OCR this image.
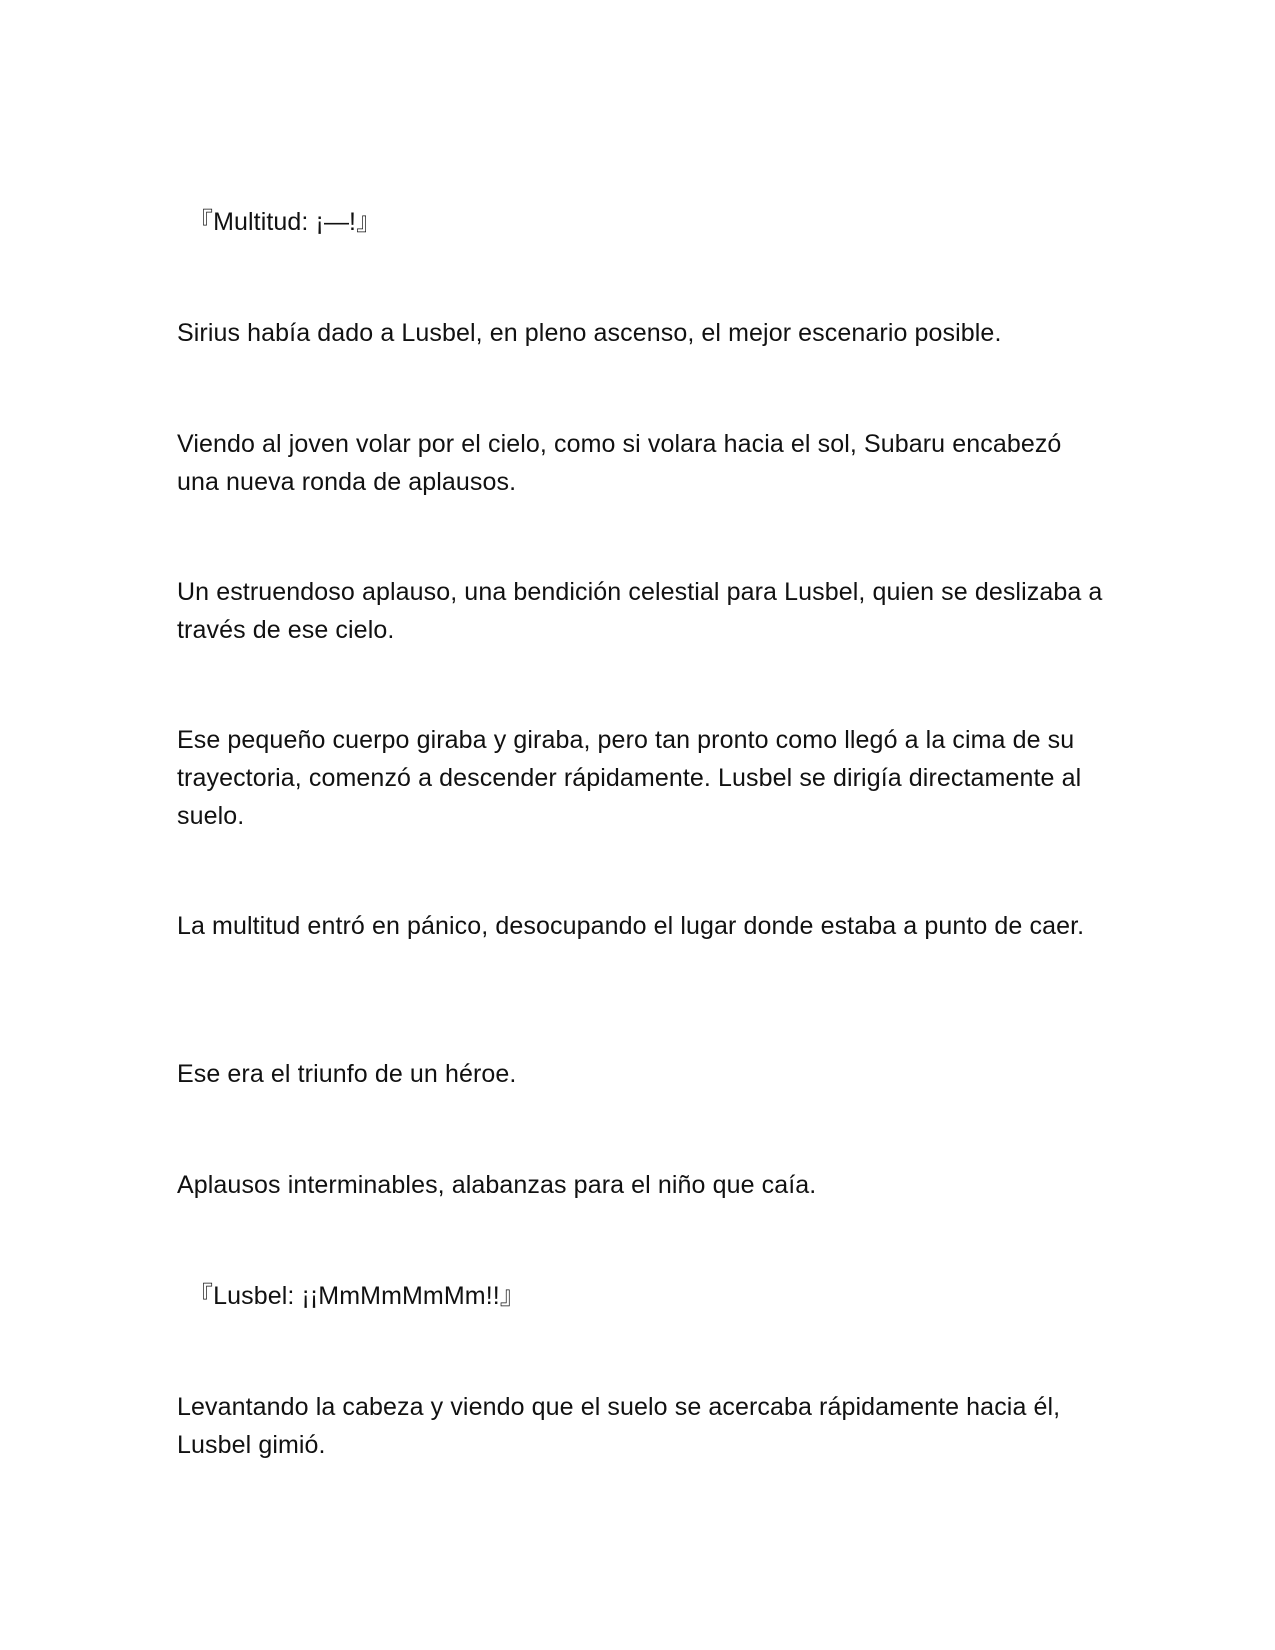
『Multitud: ¡—!』

Sirius había dado a Lusbel, en pleno ascenso, el mejor escenario posible.

Viendo al joven volar por el cielo, como si volara hacia el sol, Subaru encabezó una nueva ronda de aplausos.

Un estruendoso aplauso, una bendición celestial para Lusbel, quien se deslizaba a través de ese cielo.

Ese pequeño cuerpo giraba y giraba, pero tan pronto como llegó a la cima de su trayectoria, comenzó a descender rápidamente. Lusbel se dirigía directamente al suelo.

La multitud entró en pánico, desocupando el lugar donde estaba a punto de caer.

Ese era el triunfo de un héroe.

Aplausos interminables, alabanzas para el niño que caía.

『Lusbel: ¡¡MmMmMmMm!!』

Levantando la cabeza y viendo que el suelo se acercaba rápidamente hacia él, Lusbel gimió.
